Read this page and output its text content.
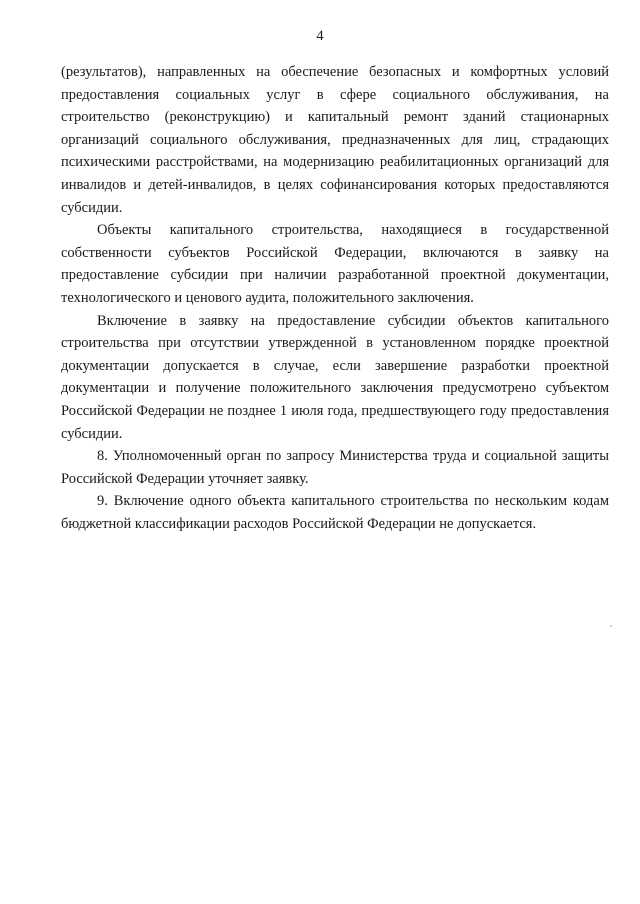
4

(результатов), направленных на обеспечение безопасных и комфортных условий предоставления социальных услуг в сфере социального обслуживания, на строительство (реконструкцию) и капитальный ремонт зданий стационарных организаций социального обслуживания, предназначенных для лиц, страдающих психическими расстройствами, на модернизацию реабилитационных организаций для инвалидов и детей-инвалидов, в целях софинансирования которых предоставляются субсидии.

Объекты капитального строительства, находящиеся в государственной собственности субъектов Российской Федерации, включаются в заявку на предоставление субсидии при наличии разработанной проектной документации, технологического и ценового аудита, положительного заключения.

Включение в заявку на предоставление субсидии объектов капитального строительства при отсутствии утвержденной в установленном порядке проектной документации допускается в случае, если завершение разработки проектной документации и получение положительного заключения предусмотрено субъектом Российской Федерации не позднее 1 июля года, предшествующего году предоставления субсидии.

8. Уполномоченный орган по запросу Министерства труда и социальной защиты Российской Федерации уточняет заявку.

9. Включение одного объекта капитального строительства по нескольким кодам бюджетной классификации расходов Российской Федерации не допускается.
